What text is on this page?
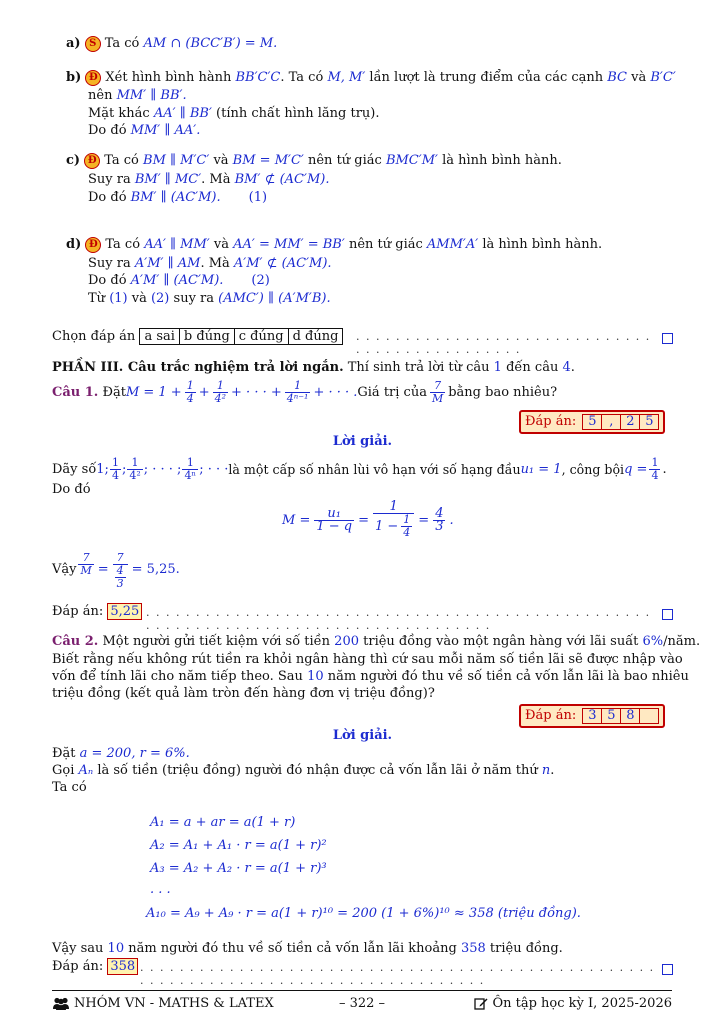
a) S Ta có AM ∩ (BCC′B′) = M.
b) Đ Xét hình bình hành BB′C′C. Ta có M, M′ lần lượt là trung điểm của các cạnh BC và B′C′
nên MM′ ∥ BB′.
Mặt khác AA′ ∥ BB′ (tính chất hình lăng trụ).
Do đó MM′ ∥ AA′.
c) Đ Ta có BM ∥ M′C′ và BM = M′C′ nên tứ giác BMC′M′ là hình bình hành.
Suy ra BM′ ∥ MC′. Mà BM′ ⊄ (AC′M).
Do đó BM′ ∥ (AC′M). (1)
d) Đ Ta có AA′ ∥ MM′ và AA′ = MM′ = BB′ nên tứ giác AMM′A′ là hình bình hành.
Suy ra A′M′ ∥ AM. Mà A′M′ ⊄ (AC′M).
Do đó A′M′ ∥ (AC′M). (2)
Từ (1) và (2) suy ra (AMC′) ∥ (A′M′B).
Chọn đáp án a sai b đúng c đúng d đúng	. . . . . . . . . . . . . . . . . . . . . . . . . . . . . . . . . . . . . . . . . . . . . . .
PHẦN III. Câu trắc nghiệm trả lời ngắn. Thí sinh trả lời từ câu 1 đến câu 4.
Câu 1.
Đặt $M = 1 + \frac{1}{4} + \frac{1}{\text{4²}}$ + · · · + $\frac{1}{\text{4ⁿ⁻¹}}$ + · · · . Giá trị của $\frac{7}{M}$ bằng bao nhiêu?
Đáp án: 5 , 2 5
Lời giải.
Dãy số 1; $\frac{1}{4}$ ; $\frac{1}{\text{4²}}$ ; · · · ; $\frac{1}{\text{4ⁿ}}$ ; · · · là một cấp số nhân lùi vô hạn với số hạng đầu u₁ = 1 , công bội $q = \frac{1}{4}$ .
Do đó
$M = \frac{\text{u₁}}{1 - q} = \frac{1}{1 - \frac{1}{4}} = \frac{4}{3}$ .
Vậy $\frac{7}{M} = \frac{7}{\frac{4}{3}} = 5,25$.
Đáp án: 5,25 . . . . . . . . . . . . . . . . . . . . . . . . . . . . . . . . . . . . . . . . . . . . . . . . . . . . . . . . . . . . . . . . . . . . . . . . . . . . . . . . . . . . . .
Câu 2. Một người gửi tiết kiệm với số tiền 200 triệu đồng vào một ngân hàng với lãi suất 6%/năm.
Biết rằng nếu không rút tiền ra khỏi ngân hàng thì cứ sau mỗi năm số tiền lãi sẽ được nhập vào
vốn để tính lãi cho năm tiếp theo. Sau 10 năm người đó thu về số tiền cả vốn lẫn lãi là bao nhiêu
triệu đồng (kết quả làm tròn đến hàng đơn vị triệu đồng)?
Đáp án: 3 5 8
Lời giải.
Đặt a = 200, r = 6%.
Gọi Aₙ là số tiền (triệu đồng) người đó nhận được cả vốn lẫn lãi ở năm thứ n.
Ta có
A₁ = a + ar = a(1 + r)
A₂ = A₁ + A₁ · r = a(1 + r)²
A₃ = A₂ + A₂ · r = a(1 + r)³
. . .
A₁₀ = A₉ + A₉ · r = a(1 + r)¹⁰ = 200 (1 + 6%)¹⁰ ≈ 358 (triệu đồng).
Vậy sau 10 năm người đó thu về số tiền cả vốn lẫn lãi khoảng 358 triệu đồng.
Đáp án: 358 . . . . . . . . . . . . . . . . . . . . . . . . . . . . . . . . . . . . . . . . . . . . . . . . . . . . . . . . . . . . . . . . . . . . . . . . . . . . . . . . . . . . . . .
NHÓM VN - MATHS & LATEX	– 322 –	Ôn tập học kỳ I, 2025-2026
